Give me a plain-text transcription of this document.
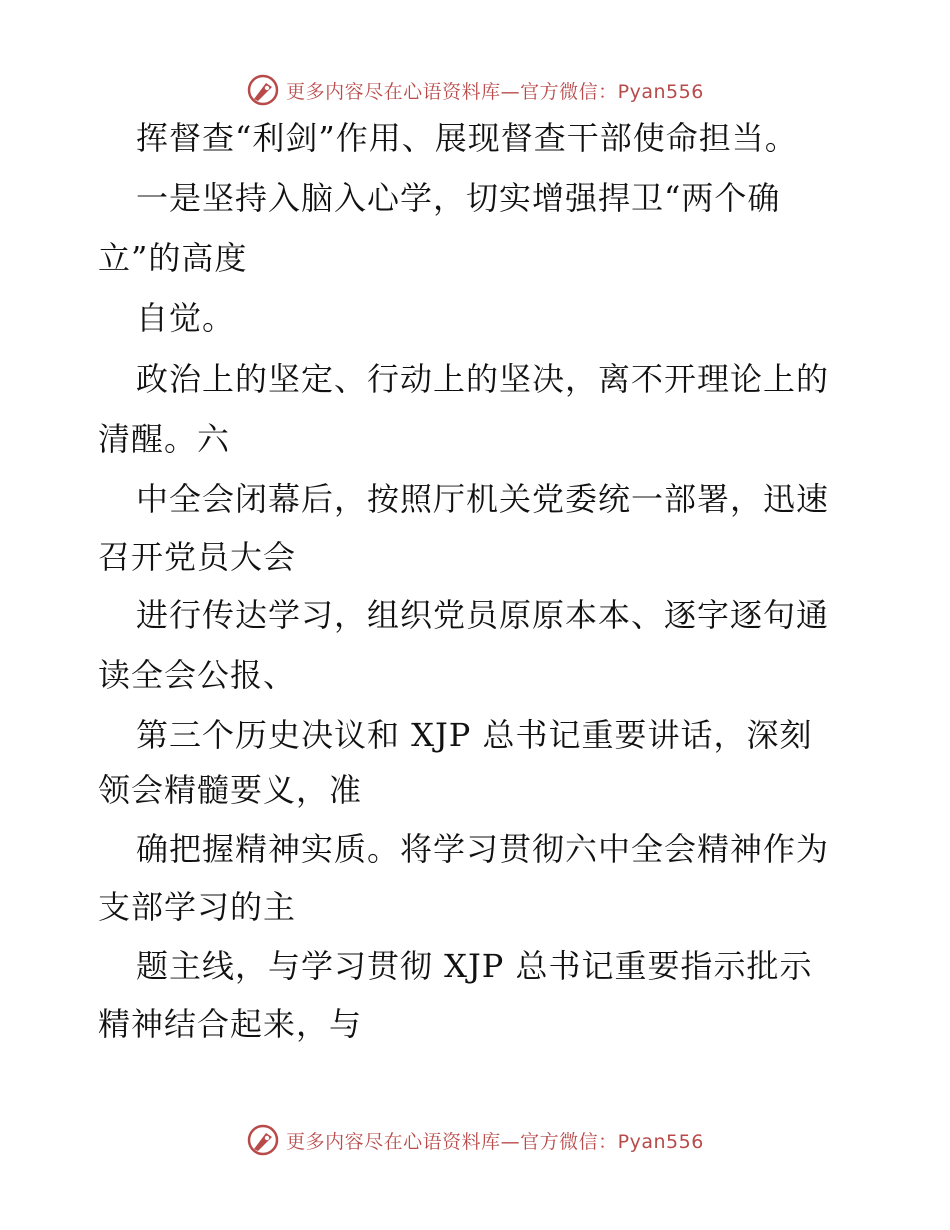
更多内容尽在心语资料库—官方微信：Pyan556
挥督查“利剑”作用、展现督查干部使命担当。
一是坚持入脑入心学，切实增强捍卫“两个确
立”的高度
自觉。
政治上的坚定、行动上的坚决，离不开理论上的
清醒。六
中全会闭幕后，按照厅机关党委统一部署，迅速
召开党员大会
进行传达学习，组织党员原原本本、逐字逐句通
读全会公报、
第三个历史决议和 XJP 总书记重要讲话，深刻
领会精髓要义，准
确把握精神实质。将学习贯彻六中全会精神作为
支部学习的主
题主线，与学习贯彻 XJP 总书记重要指示批示
精神结合起来，与
更多内容尽在心语资料库—官方微信：Pyan556
